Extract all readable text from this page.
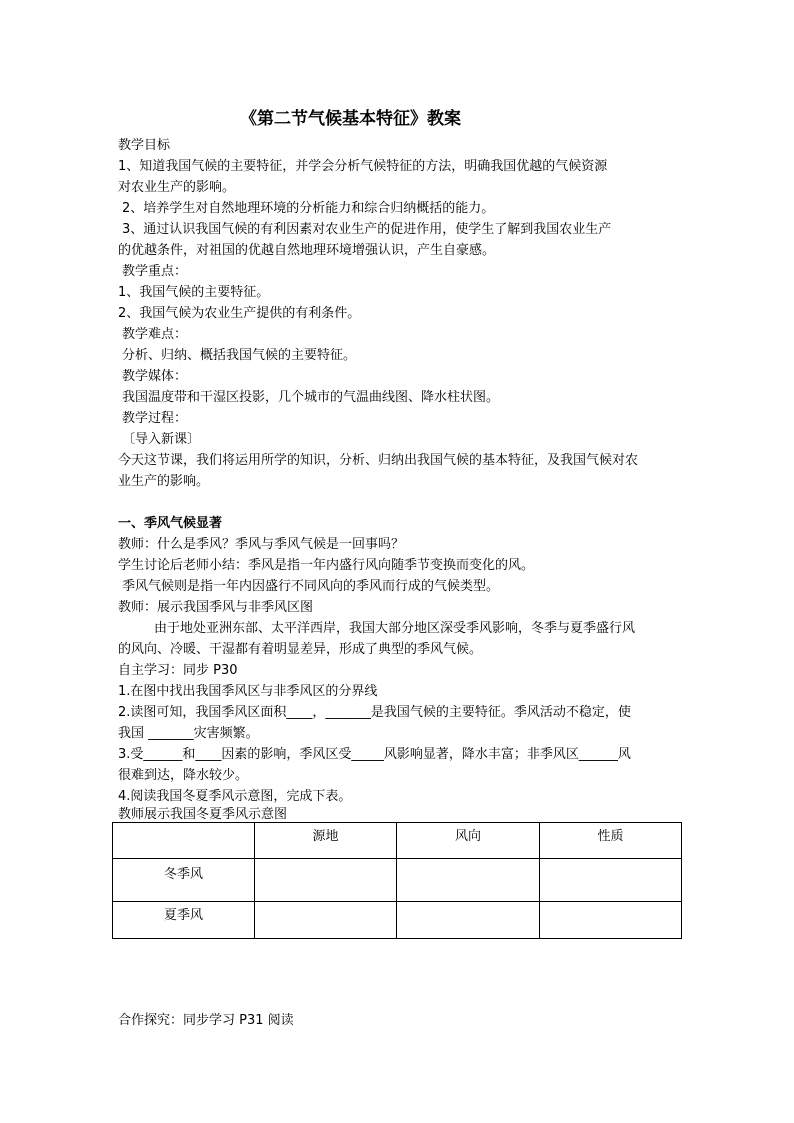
《第二节气候基本特征》教案
教学目标
1、知道我国气候的主要特征，并学会分析气候特征的方法，明确我国优越的气候资源
对农业生产的影响。
2、培养学生对自然地理环境的分析能力和综合归纳概括的能力。
3、通过认识我国气候的有利因素对农业生产的促进作用，使学生了解到我国农业生产
的优越条件，对祖国的优越自然地理环境增强认识，产生自豪感。
教学重点：
1、我国气候的主要特征。
2、我国气候为农业生产提供的有利条件。
教学难点：
分析、归纳、概括我国气候的主要特征。
教学媒体：
我国温度带和干湿区投影，几个城市的气温曲线图、降水柱状图。
教学过程：
〔导入新课〕
今天这节课，我们将运用所学的知识，分析、归纳出我国气候的基本特征，及我国气候对农
业生产的影响。
一、季风气候显著
教师：什么是季风？季风与季风气候是一回事吗？
学生讨论后老师小结：季风是指一年内盛行风向随季节变换而变化的风。
季风气候则是指一年内因盛行不同风向的季风而行成的气候类型。
教师：展示我国季风与非季风区图
由于地处亚洲东部、太平洋西岸，我国大部分地区深受季风影响，冬季与夏季盛行风
的风向、冷暖、干湿都有着明显差异，形成了典型的季风气候。
自主学习：同步 P30
1.在图中找出我国季风区与非季风区的分界线
2.读图可知，我国季风区面积____，_______是我国气候的主要特征。季风活动不稳定，使
我国 _______灾害频繁。
3.受______和____因素的影响，季风区受_____风影响显著，降水丰富；非季风区______风
很难到达，降水较少。
4.阅读我国冬夏季风示意图，完成下表。
教师展示我国冬夏季风示意图
	源地	风向	性质
冬季风			
夏季风			
合作探究：同步学习 P31 阅读
